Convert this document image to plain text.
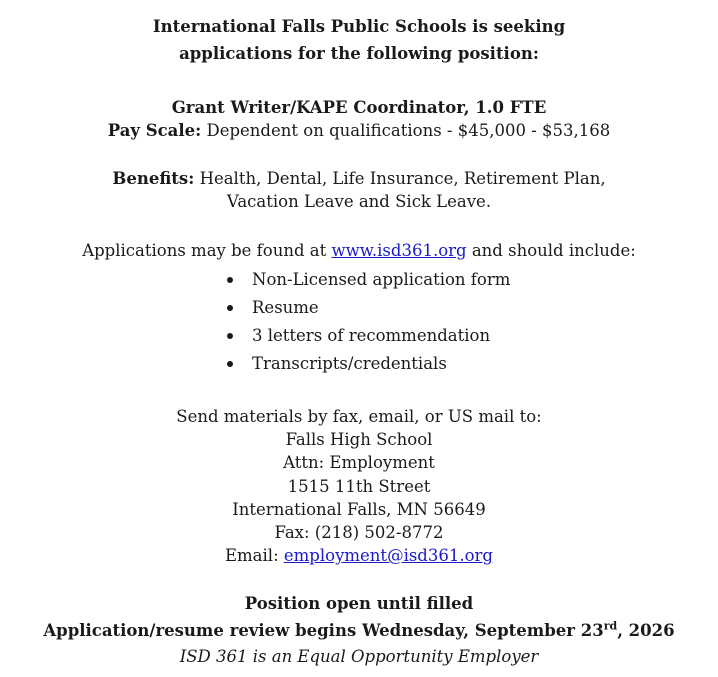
International Falls Public Schools is seeking
applications for the following position:
Grant Writer/KAPE Coordinator, 1.0 FTE
Pay Scale: Dependent on qualifications - $45,000 - $53,168
Benefits: Health, Dental, Life Insurance, Retirement Plan,
Vacation Leave and Sick Leave.
Applications may be found at www.isd361.org and should include:
Non-Licensed application form
Resume
3 letters of recommendation
Transcripts/credentials
Send materials by fax, email, or US mail to:
Falls High School
Attn: Employment
1515 11th Street
International Falls, MN 56649
Fax: (218) 502-8772
Email: employment@isd361.org
Position open until filled
Application/resume review begins Wednesday, September 23rd, 2026
ISD 361 is an Equal Opportunity Employer
